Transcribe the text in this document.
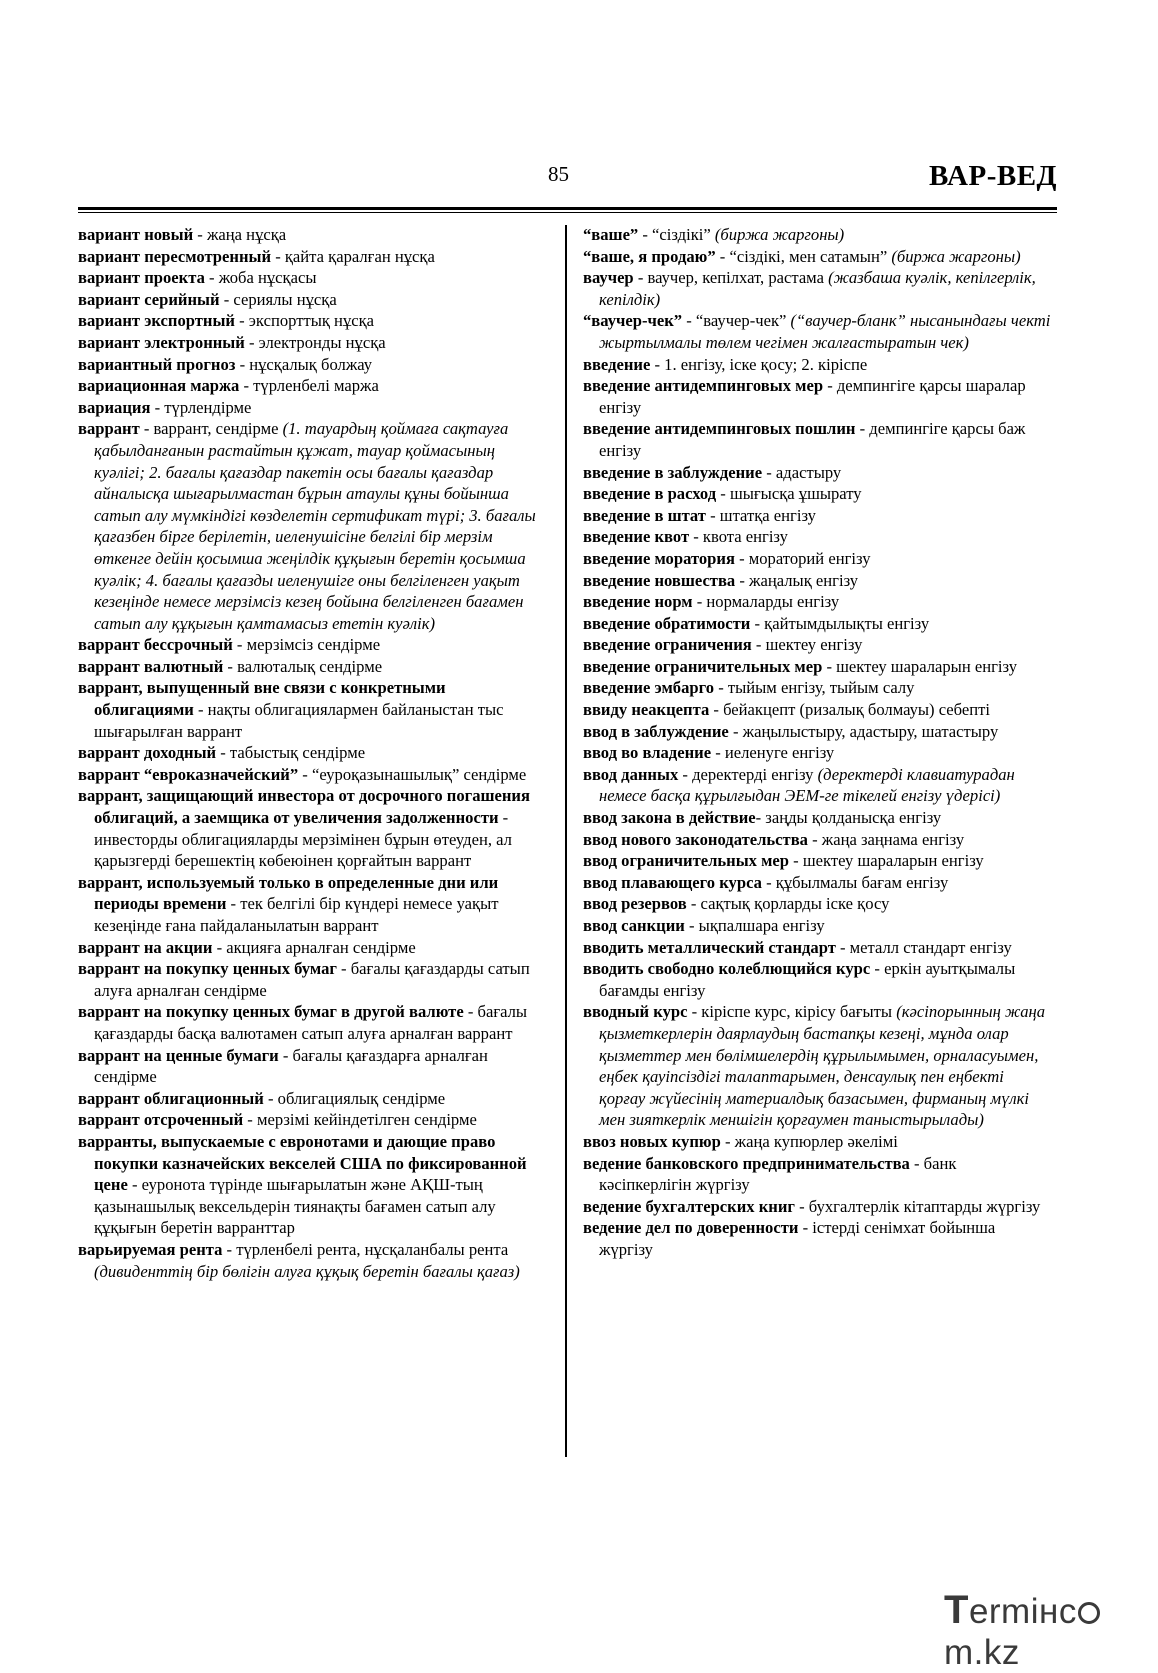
85	ВАР-ВЕД
вариант новый - жаңа нұсқа
вариант пересмотренный - қайта қаралған нұсқа
вариант проекта - жоба нұсқасы
вариант серийный - сериялы нұсқа
вариант экспортный - экспорттық нұсқа
вариант электронный - электронды нұсқа
вариантный прогноз - нұсқалық болжау
вариационная маржа - түрленбелі маржа
вариация - түрлендірме
варрант - варрант, сендірме (1. тауардың қоймаға сақтауға қабылданғанын растайтын құжат, тауар қоймасының куәлігі; 2. бағалы қағаздар пакетін осы бағалы қағаздар айналысқа шығарылмастан бұрын атаулы құны бойынша сатып алу мүмкіндігі көзделетін сертификат түрі; 3. бағалы қағазбен бірге берілетін, иеленушісіне белгілі бір мерзім өткенге дейін қосымша жеңілдік құқығын беретін қосымша куәлік; 4. бағалы қағазды иеленушіге оны белгіленген уақыт кезеңінде немесе мерзімсіз кезең бойына белгіленген бағамен сатып алу құқығын қамтамасыз ететін куәлік)
варрант бессрочный - мерзімсіз сендірме
варрант валютный - валюталық сендірме
варрант, выпущенный вне связи с конкретными облигациями - нақты облигациялармен байланыстан тыс шығарылған варрант
варрант доходный - табыстық сендірме
варрант “еврoказначейский” - “еуроқазынашылық” сендірме
варрант, защищающий инвестора от досрочного погашения облигаций, а заемщика от увеличения задолженности - инвесторды облигацияларды мерзімінен бұрын өтеуден, ал қарызгерді берешектің көбеюінен қорғайтын варрант
варрант, используемый только в определенные дни или периоды времени - тек белгілі бір күндері немесе уақыт кезеңінде ғана пайдаланылатын варрант
варрант на акции - акцияға арналған сендірме
варрант на покупку ценных бумаг - бағалы қағаздарды сатып алуға арналған сендірме
варрант на покупку ценных бумаг в другой валюте - бағалы қағаздарды басқа валютамен сатып алуға арналған варрант
варрант на ценные бумаги - бағалы қағаздарға арналған сендірме
варрант облигационный - облигациялық сендірме
варрант отсроченный - мерзімі кейіндетілген сендірме
варранты, выпускаемые с евронотами и дающие право покупки казначейских векселей США по фиксированной цене - еуронота түрінде шығарылатын және АҚШ-тың қазынашылық вексельдерін тиянақты бағамен сатып алу құқығын беретін варранттар
варьируемая рента - түрленбелі рента, нұсқаланбалы рента (дивиденттің бір бөлігін алуға құқық беретін бағалы қағаз)
“ваше” - “сіздікі” (биржа жаргоны)
“ваше, я продаю” - “сіздікі, мен сатамын” (биржа жаргоны)
ваучер - ваучер, кепілхат, растама (жазбаша куәлік, кепілгерлік, кепілдік)
“ваучер-чек” - “ваучер-чек” (“ваучер-бланк” нысанындағы чекті жыртылмалы төлем чегімен жалғастыратын чек)
введение - 1. енгізу, іске қосу; 2. кіріспе
введение антидемпинговых мер - демпингіге қарсы шаралар енгізу
введение антидемпинговых пошлин - демпингіге қарсы баж енгізу
введение в заблуждение - адастыру
введение в расход - шығысқа ұшырату
введение в штат - штатқа енгізу
введение квот - квота енгізу
введение моратория - мораторий енгізу
введение новшества - жаңалық енгізу
введение норм - нормаларды енгізу
введение обратимости - қайтымдылықты енгізу
введение ограничения - шектеу енгізу
введение ограничительных мер - шектеу шараларын енгізу
введение эмбарго - тыйым енгізу, тыйым салу
ввиду неакцепта - бейакцепт (ризалық болмауы) себепті
ввод в заблуждение - жаңылыстыру, адастыру, шатастыру
ввод во владение - иеленуге енгізу
ввод данных - деректерді енгізу (деректерді клавиатурадан немесе басқа құрылғыдан ЭЕМ-ге тікелей енгізу үдерісі)
ввод закона в действие- заңды қолданысқа енгізу
ввод нового законодательства - жаңа заңнама енгізу
ввод ограничительных мер - шектеу шараларын енгізу
ввод плавающего курса - құбылмалы бағам енгізу
ввод резервов - сақтық қорларды іске қосу
ввод санкции - ықпалшара енгізу
вводить металлический стандарт - металл стандарт енгізу
вводить свободно колеблющийся курс - еркін ауытқымалы бағамды енгізу
вводный курс - кіріспе курс, кірісу бағыты (кәсіпорынның жаңа қызметкерлерін даярлаудың бастапқы кезеңі, мұнда олар қызметтер мен бөлімшелердің құрылымымен, орналасуымен, еңбек қауіпсіздігі талаптарымен, денсаулық пен еңбекті қорғау жүйесінің материалдық базасымен, фирманың мүлкі мен зияткерлік меншігін қорғаумен таныстырылады)
ввоз новых купюр - жаңа купюрлер әкелімі
ведение банковского предпринимательства - банк кәсіпкерлігін жүргізу
ведение бухгалтерских книг - бухгалтерлік кітаптарды жүргізу
ведение дел по доверенности - істерді сенімхат бойынша жүргізу
Termінсm.kz
